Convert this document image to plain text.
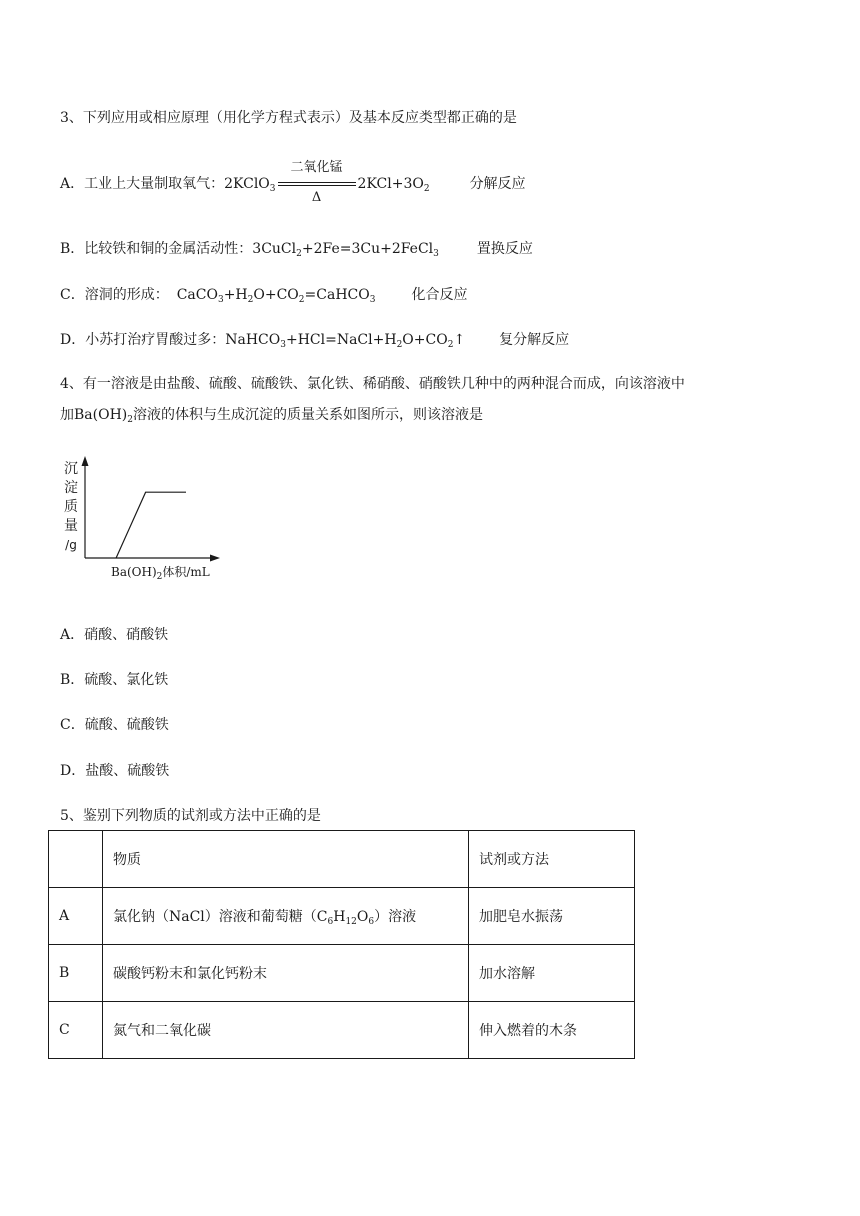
3、下列应用或相应原理（用化学方程式表示）及基本反应类型都正确的是
A．工业上大量制取氧气：2KClO$_3$ $\frac{\text{二氧化锰}}{\Delta} 2KCl+3O_2$	分解反应
B．比较铁和铜的金属活动性：3CuCl$_2$+2Fe=3Cu+2FeCl$_3$	置换反应
C．溶洞的形成： $CaCO_3+H_2O+CO_2=CaHCO_3$	化合反应
D．小苏打治疗胃酸过多：$NaHCO_3+HCl=NaCl+H_2O+CO_2↑$ 复分解反应
4、有一溶液是由盐酸、硫酸、硫酸铁、氯化铁、稀硝酸、硝酸铁几种中的两种混合而成，向该溶液中
加$Ba(OH)_2$溶液的体积与生成沉淀的质量关系如图所示，则该溶液是
沉
淀
质
量
/g
$Ba(OH)_2$体积/mL
A．硝酸、硝酸铁
B．硫酸、氯化铁
C．硫酸、硫酸铁
D．盐酸、硫酸铁
5、鉴别下列物质的试剂或方法中正确的是
	物质	试剂或方法
A	氯化钠（NaCl）溶液和葡萄糖$(C_6H_{12}O_6)$溶液	加肥皂水振荡
B	碳酸钙粉末和氯化钙粉末	加水溶解
C	氮气和二氧化碳	伸入燃着的木条
